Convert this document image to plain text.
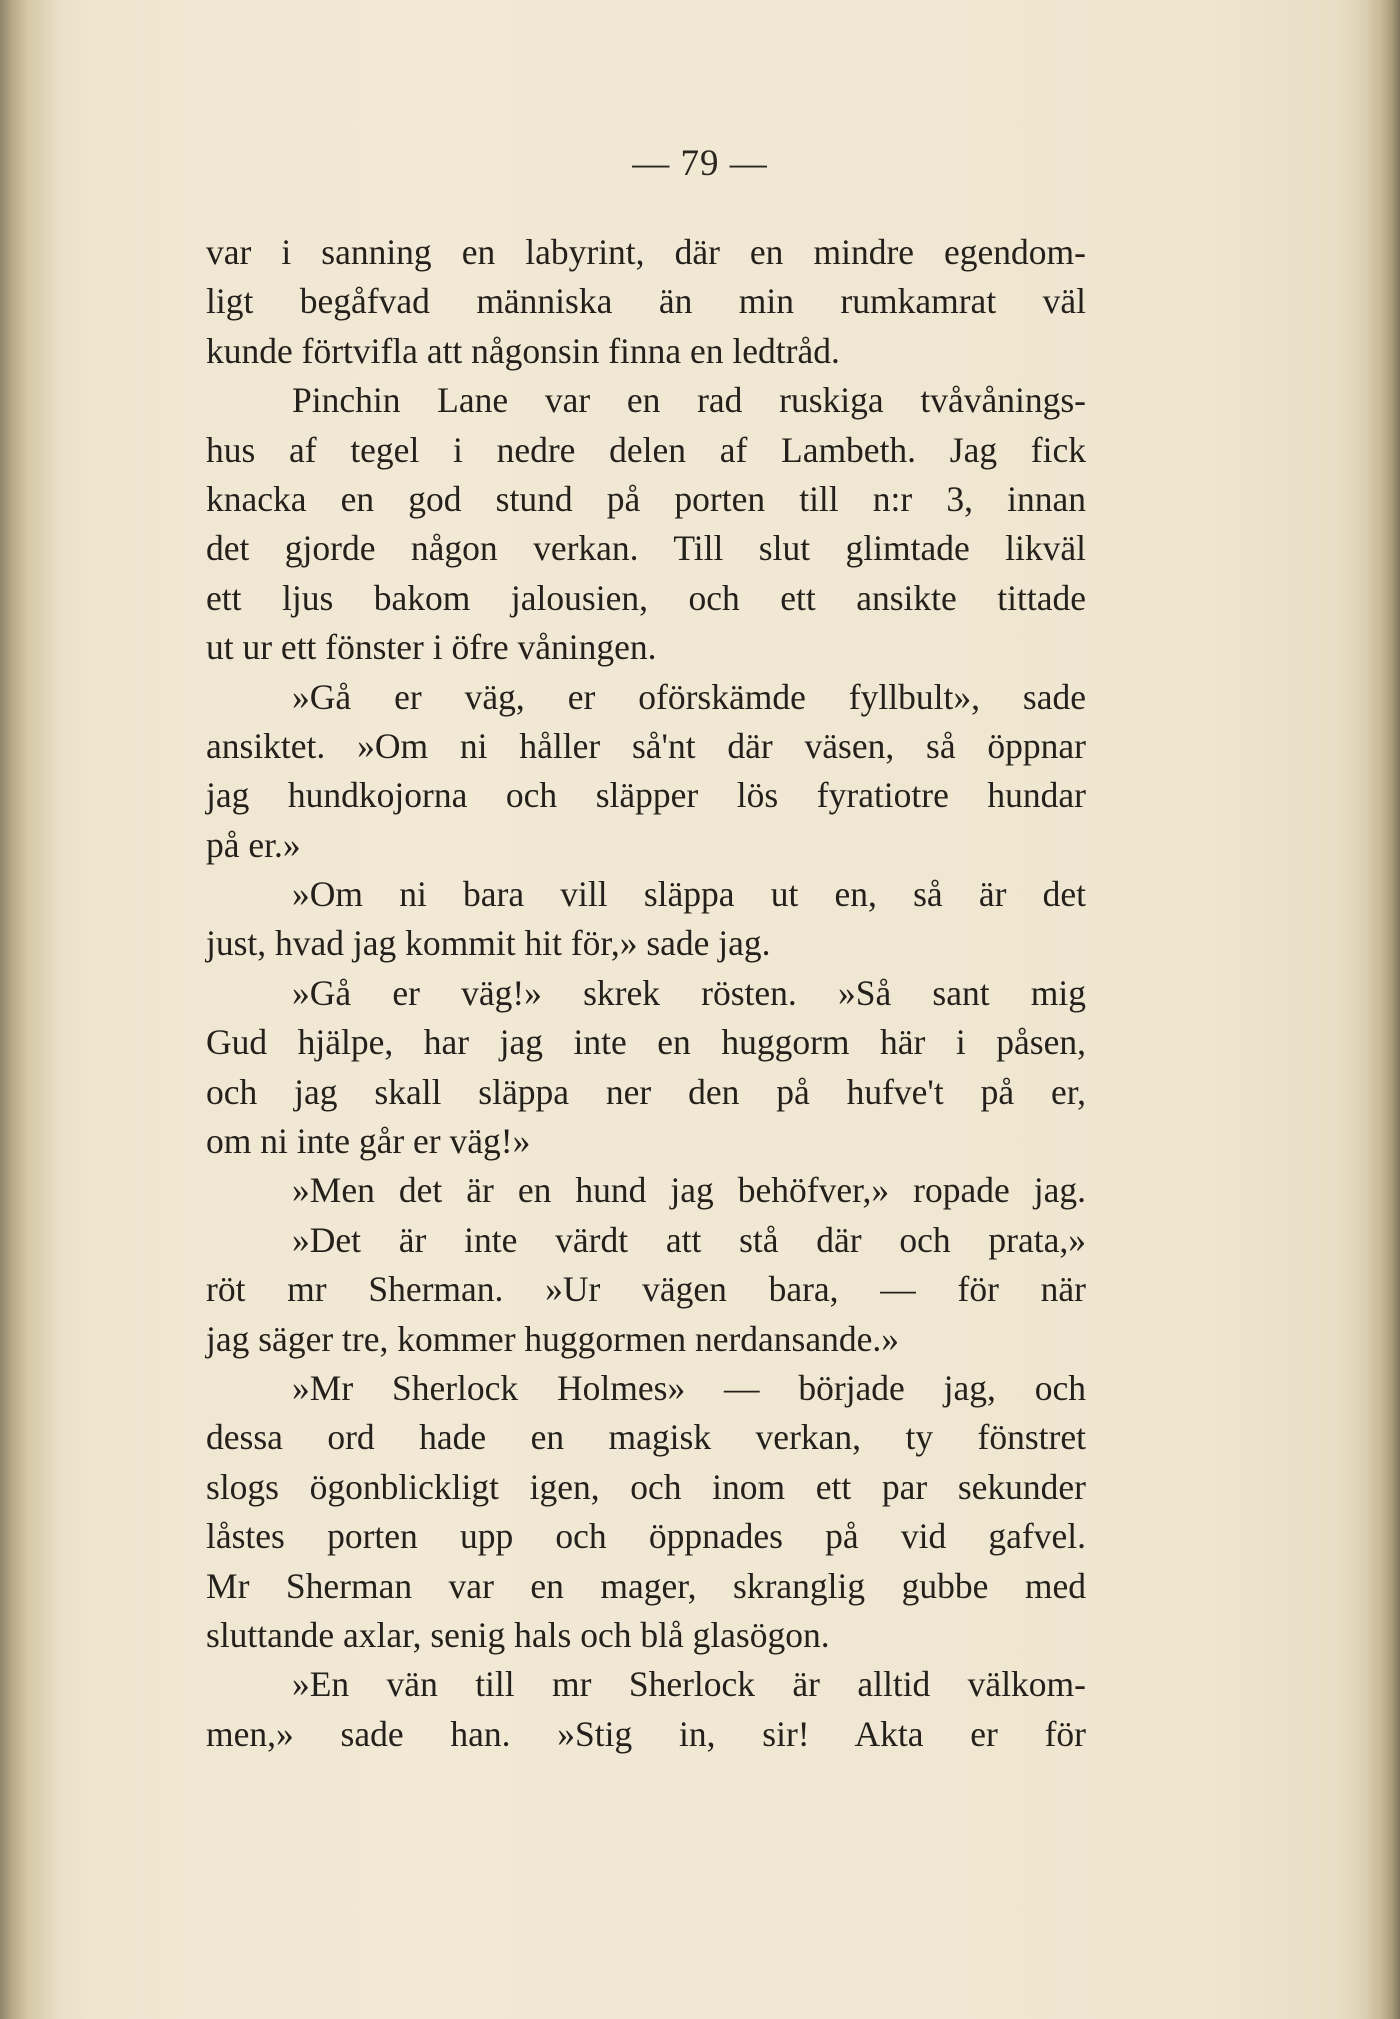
— 79 —
var i sanning en labyrint, där en mindre egendom-
ligt begåfvad människa än min rumkamrat väl
kunde förtvifla att någonsin finna en ledtråd.
Pinchin Lane var en rad ruskiga tvåvånings-
hus af tegel i nedre delen af Lambeth. Jag fick
knacka en god stund på porten till n:r 3, innan
det gjorde någon verkan. Till slut glimtade likväl
ett ljus bakom jalousien, och ett ansikte tittade
ut ur ett fönster i öfre våningen.
»Gå er väg, er oförskämde fyllbult», sade
ansiktet. »Om ni håller så'nt där väsen, så öppnar
jag hundkojorna och släpper lös fyratiotre hundar
på er.»
»Om ni bara vill släppa ut en, så är det
just, hvad jag kommit hit för,» sade jag.
»Gå er väg!» skrek rösten. »Så sant mig
Gud hjälpe, har jag inte en huggorm här i påsen,
och jag skall släppa ner den på hufve't på er,
om ni inte går er väg!»
»Men det är en hund jag behöfver,» ropade jag.
»Det är inte värdt att stå där och prata,»
röt mr Sherman. »Ur vägen bara, — för när
jag säger tre, kommer huggormen nerdansande.»
»Mr Sherlock Holmes» — började jag, och
dessa ord hade en magisk verkan, ty fönstret
slogs ögonblickligt igen, och inom ett par sekunder
låstes porten upp och öppnades på vid gafvel.
Mr Sherman var en mager, skranglig gubbe med
sluttande axlar, senig hals och blå glasögon.
»En vän till mr Sherlock är alltid välkom-
men,» sade han. »Stig in, sir! Akta er för
